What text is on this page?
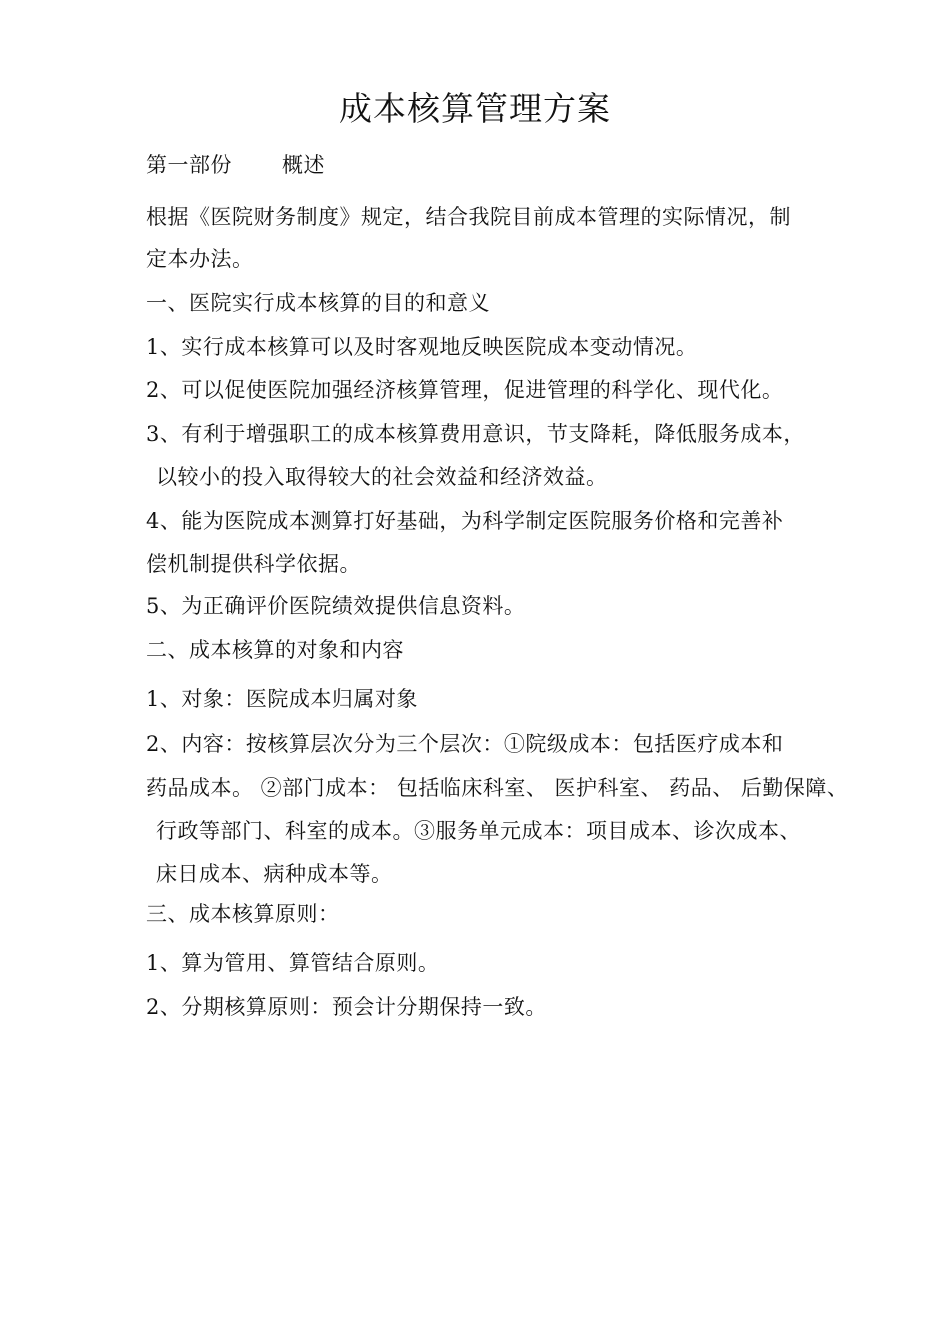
成本核算管理方案
第一部份 概述
根据《医院财务制度》规定，结合我院目前成本管理的实际情况，制
定本办法。
一、医院实行成本核算的目的和意义
1、实行成本核算可以及时客观地反映医院成本变动情况。
2、可以促使医院加强经济核算管理，促进管理的科学化、现代化。
3、有利于增强职工的成本核算费用意识，节支降耗，降低服务成本，
以较小的投入取得较大的社会效益和经济效益。
4、能为医院成本测算打好基础，为科学制定医院服务价格和完善补
偿机制提供科学依据。
5、为正确评价医院绩效提供信息资料。
二、成本核算的对象和内容
1、对象：医院成本归属对象
2、内容：按核算层次分为三个层次：①院级成本：包括医疗成本和
药品成本。 ②部门成本： 包括临床科室、 医护科室、 药品、 后勤保障、
行政等部门、科室的成本。③服务单元成本：项目成本、诊次成本、
床日成本、病种成本等。
三、成本核算原则：
1、算为管用、算管结合原则。
2、分期核算原则：预会计分期保持一致。
